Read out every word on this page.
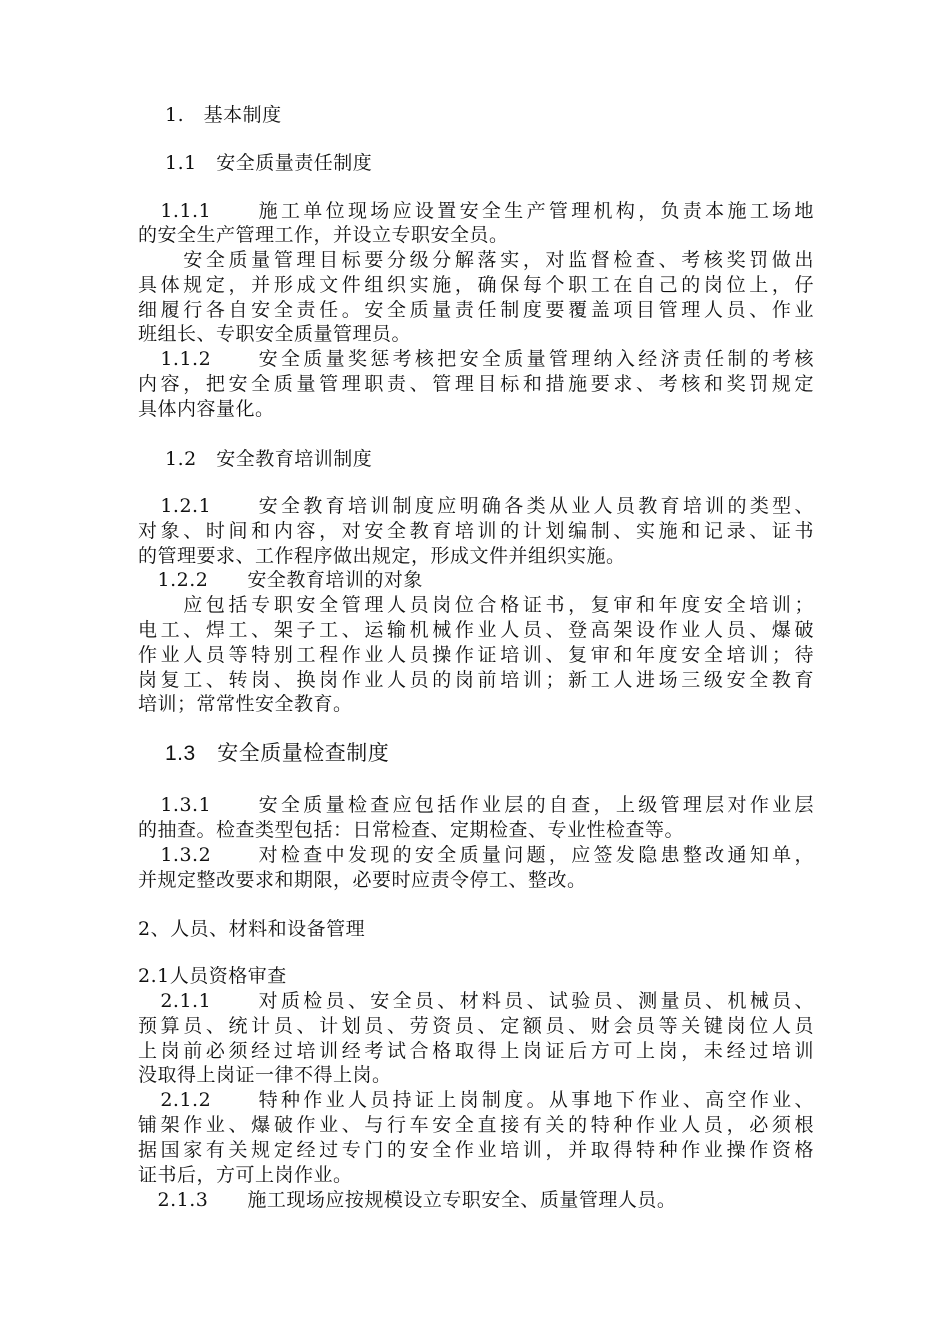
1.　基本制度
1.1　安全质量责任制度
　1.1.1　　施工单位现场应设置安全生产管理机构，负责本施工场地
的安全生产管理工作，并设立专职安全员。
　　安全质量管理目标要分级分解落实，对监督检查、考核奖罚做出
具体规定，并形成文件组织实施，确保每个职工在自己的岗位上，仔
细履行各自安全责任。安全质量责任制度要覆盖项目管理人员、作业
班组长、专职安全质量管理员。
　1.1.2　　安全质量奖惩考核把安全质量管理纳入经济责任制的考核
内容，把安全质量管理职责、管理目标和措施要求、考核和奖罚规定
具体内容量化。
1.2　安全教育培训制度
　1.2.1　　安全教育培训制度应明确各类从业人员教育培训的类型、
对象、时间和内容，对安全教育培训的计划编制、实施和记录、证书
的管理要求、工作程序做出规定，形成文件并组织实施。
　1.2.2　　安全教育培训的对象
　　应包括专职安全管理人员岗位合格证书，复审和年度安全培训；
电工、焊工、架子工、运输机械作业人员、登高架设作业人员、爆破
作业人员等特别工程作业人员操作证培训、复审和年度安全培训；待
岗复工、转岗、换岗作业人员的岗前培训；新工人进场三级安全教育
培训；常常性安全教育。
1.3　安全质量检查制度
　1.3.1　　安全质量检查应包括作业层的自查，上级管理层对作业层
的抽查。检查类型包括：日常检查、定期检查、专业性检查等。
　1.3.2　　对检查中发现的安全质量问题，应签发隐患整改通知单，
并规定整改要求和期限，必要时应责令停工、整改。
2、人员、材料和设备管理
2.1人员资格审查
　2.1.1　　对质检员、安全员、材料员、试验员、测量员、机械员、
预算员、统计员、计划员、劳资员、定额员、财会员等关键岗位人员
上岗前必须经过培训经考试合格取得上岗证后方可上岗，未经过培训
没取得上岗证一律不得上岗。
　2.1.2　　特种作业人员持证上岗制度。从事地下作业、高空作业、
铺架作业、爆破作业、与行车安全直接有关的特种作业人员，必须根
据国家有关规定经过专门的安全作业培训，并取得特种作业操作资格
证书后，方可上岗作业。
　2.1.3　　施工现场应按规模设立专职安全、质量管理人员。
